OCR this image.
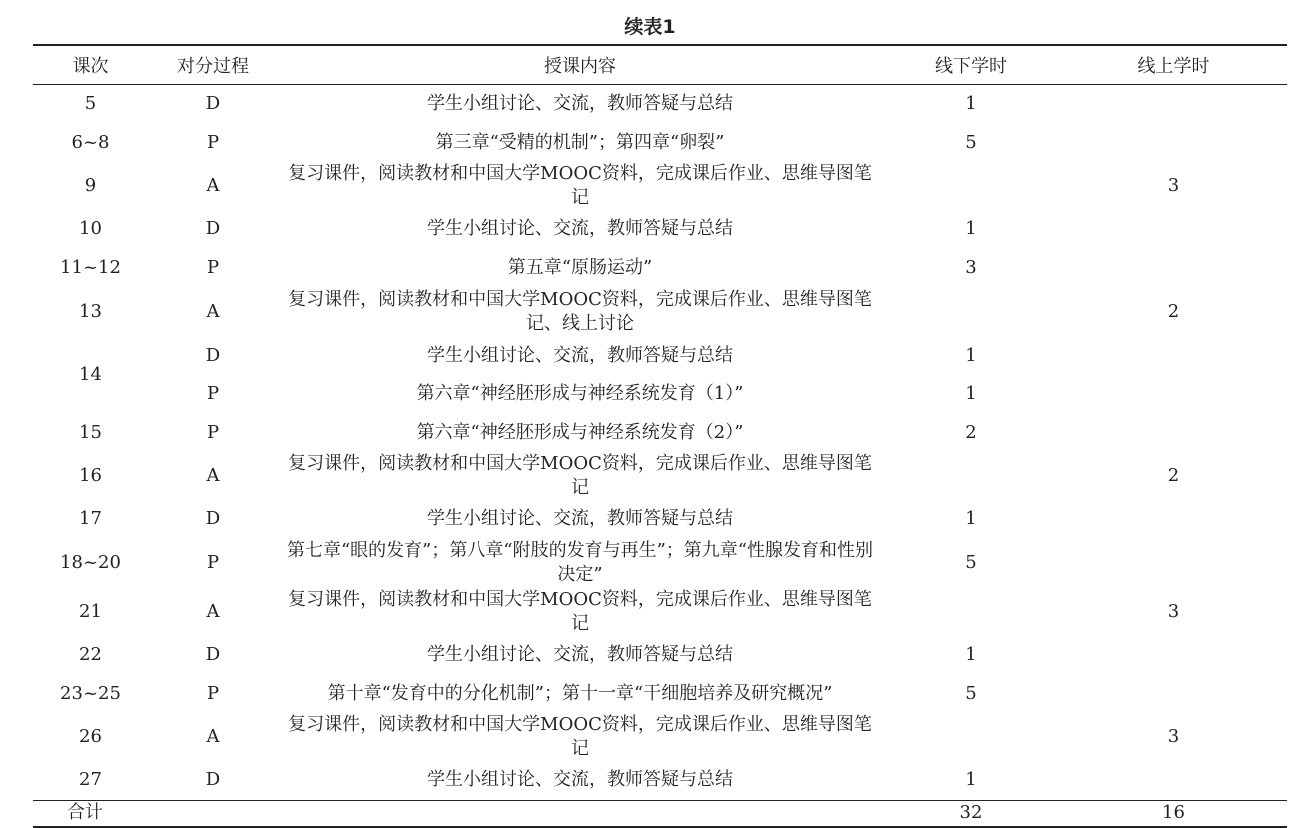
续表1
课次	对分过程	授课内容	线下学时	线上学时
5	D	学生小组讨论、交流，教师答疑与总结	1	
6~8	P	第三章“受精的机制”；第四章“卵裂”	5	
9	A	复习课件，阅读教材和中国大学MOOC资料，完成课后作业、思维导图笔记		3
10	D	学生小组讨论、交流，教师答疑与总结	1	
11~12	P	第五章“原肠运动”	3	
13	A	复习课件，阅读教材和中国大学MOOC资料，完成课后作业、思维导图笔记、线上讨论		2
14	D	学生小组讨论、交流，教师答疑与总结	1	
	P	第六章“神经胚形成与神经系统发育（1）”	1	
15	P	第六章“神经胚形成与神经系统发育（2）”	2	
16	A	复习课件，阅读教材和中国大学MOOC资料，完成课后作业、思维导图笔记		2
17	D	学生小组讨论、交流，教师答疑与总结	1	
18~20	P	第七章“眼的发育”；第八章“附肢的发育与再生”；第九章“性腺发育和性别决定”	5	
21	A	复习课件，阅读教材和中国大学MOOC资料，完成课后作业、思维导图笔记		3
22	D	学生小组讨论、交流，教师答疑与总结	1	
23~25	P	第十章“发育中的分化机制”；第十一章“干细胞培养及研究概况”	5	
26	A	复习课件，阅读教材和中国大学MOOC资料，完成课后作业、思维导图笔记		3
27	D	学生小组讨论、交流，教师答疑与总结	1	
合计			32	16
